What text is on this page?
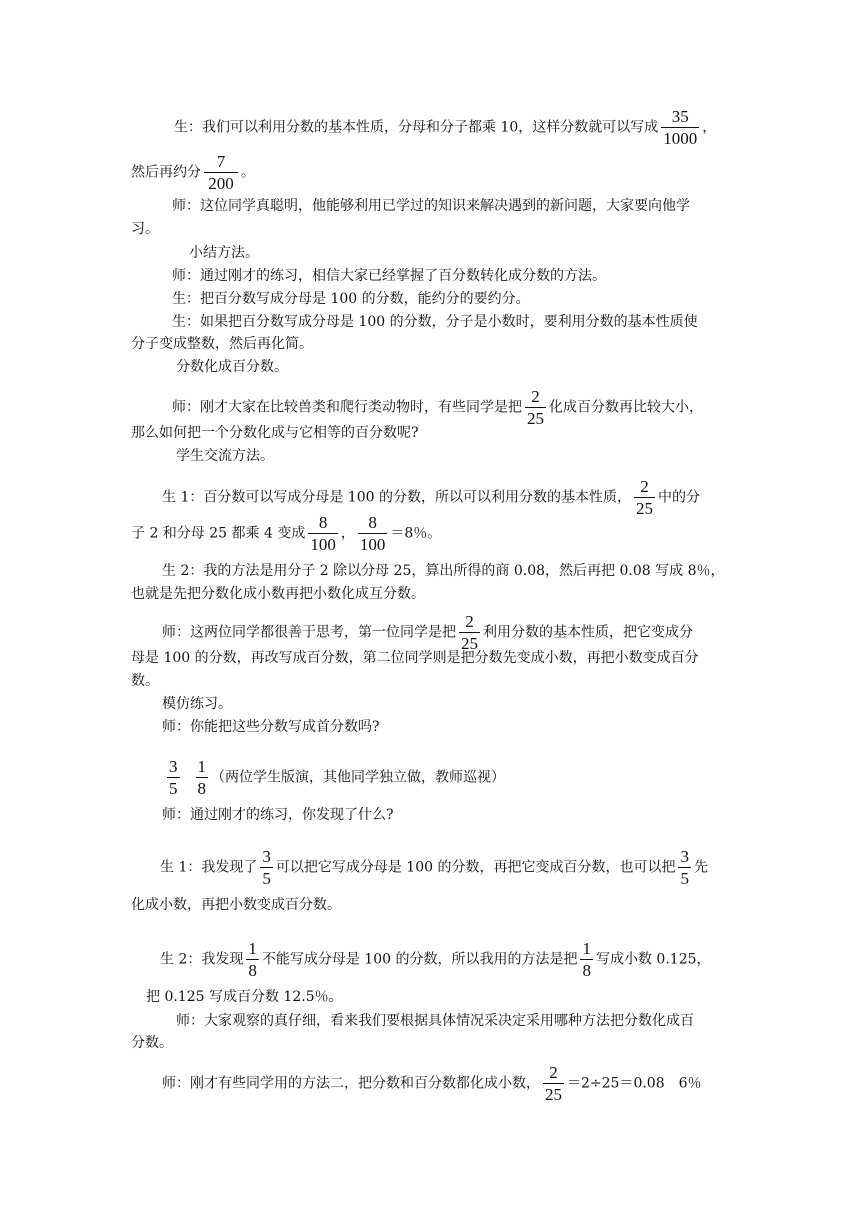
生：我们可以利用分数的基本性质，分母和分子都乘 10，这样分数就可以写成 $\frac{35}{1000}$ ，
然后再约分 $\frac{7}{200}$ 。
师：这位同学真聪明，他能够利用已学过的知识来解决遇到的新问题，大家要向他学
习。
小结方法。
师：通过刚才的练习，相信大家已经掌握了百分数转化成分数的方法。
生：把百分数写成分母是 100 的分数，能约分的要约分。
生：如果把百分数写成分母是 100 的分数，分子是小数时，要利用分数的基本性质使
分子变成整数，然后再化简。
分数化成百分数。
师：刚才大家在比较兽类和爬行类动物时，有些同学是把 $\frac{2}{25}$ 化成百分数再比较大小，
那么如何把一个分数化成与它相等的百分数呢?
学生交流方法。
生 1：百分数可以写成分母是 100 的分数，所以可以利用分数的基本性质， $\frac{2}{25}$ 中的分
子 2 和分母 25 都乘 4 变成 $\frac{8}{100}$ ， $\frac{8}{100} =8$％。
生 2：我的方法是用分子 2 除以分母 25，算出所得的商 0.08，然后再把 0.08 写成 8％，
也就是先把分数化成小数再把小数化成互分数。
师：这两位同学都很善于思考，第一位同学是把 $\frac{2}{25}$ 利用分数的基本性质，把它变成分
母是 100 的分数，再改写成百分数，第二位同学则是把分数先变成小数，再把小数变成百分
数。
模仿练习。
师：你能把这些分数写成首分数吗?
$\frac{3}{5} \frac{1}{8}$ （两位学生版演，其他同学独立做，教师巡视）
师：通过刚才的练习，你发现了什么?
生 1：我发现了 $\frac{3}{5}$ 可以把它写成分母是 100 的分数，再把它变成百分数，也可以把 $\frac{3}{5}$ 先
化成小数，再把小数变成百分数。
生 2：我发现 $\frac{1}{8}$ 不能写成分母是 100 的分数，所以我用的方法是把 $\frac{1}{8}$ 写成小数 0.125，
把 0.125 写成百分数 12.5％。
师：大家观察的真仔细，看来我们要根据具体情况采决定采用哪种方法把分数化成百
分数。
师：刚才有些同学用的方法二，把分数和百分数都化成小数， $\frac{2}{25} =2\div 25=0.08$　6％
